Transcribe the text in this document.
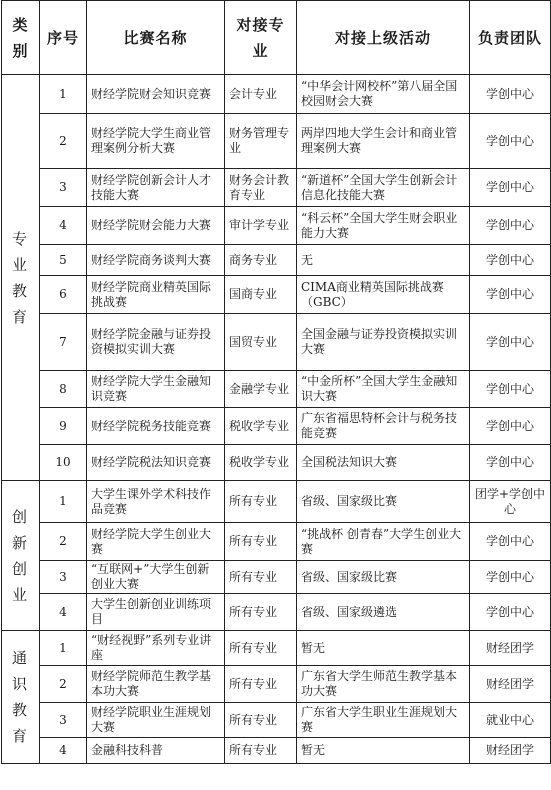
类别	序号	比赛名称	对接专业	对接上级活动	负责团队
专业教育	1	财经学院财会知识竞赛	会计专业	“中华会计网校杯”第八届全国校园财会大赛	学创中心
	2	财经学院大学生商业管理案例分析大赛	财务管理专业	两岸四地大学生会计和商业管理案例大赛	学创中心
	3	财经学院创新会计人才技能大赛	财务会计教育专业	“新道杯”全国大学生创新会计信息化技能大赛	学创中心
	4	财经学院财会能力大赛	审计学专业	“科云杯”全国大学生财会职业能力大赛	学创中心
	5	财经学院商务谈判大赛	商务专业	无	学创中心
	6	财经学院商业精英国际挑战赛	国商专业	CIMA商业精英国际挑战赛（GBC）	学创中心
	7	财经学院金融与证券投资模拟实训大赛	国贸专业	全国金融与证券投资模拟实训大赛	学创中心
	8	财经学院大学生金融知识竞赛	金融学专业	“中金所杯”全国大学生金融知识大赛	学创中心
	9	财经学院税务技能竞赛	税收学专业	广东省福思特杯会计与税务技能竞赛	学创中心
	10	财经学院税法知识竞赛	税收学专业	全国税法知识大赛	学创中心
创新创业	1	大学生课外学术科技作品竞赛	所有专业	省级、国家级比赛	团学+学创中心
	2	财经学院大学生创业大赛	所有专业	“挑战杯 创青春”大学生创业大赛	学创中心
	3	“互联网+”大学生创新创业大赛	所有专业	省级、国家级比赛	学创中心
	4	大学生创新创业训练项目	所有专业	省级、国家级遴选	学创中心
通识教育	1	“财经视野”系列专业讲座	所有专业	暂无	财经团学
	2	财经学院师范生教学基本功大赛	所有专业	广东省大学生师范生教学基本功大赛	财经团学
	3	财经学院职业生涯规划大赛	所有专业	广东省大学生职业生涯规划大赛	就业中心
	4	金融科技科普	所有专业	暂无	财经团学
